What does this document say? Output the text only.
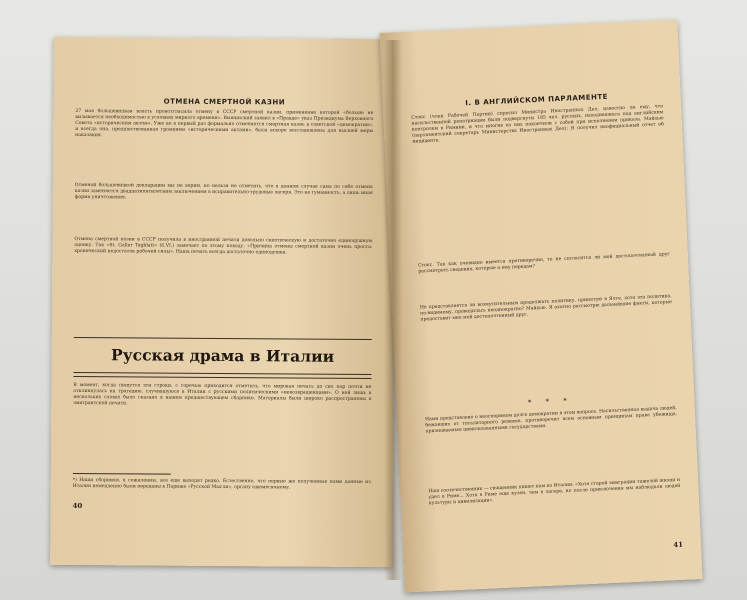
ОТМЕНА СМЕРТНОЙ КАЗНИ
27 мая большевицкая власть провозгласила отмену в СССР смертной казни, применение которой «больше не вызывается необходимостью в условиях мирного времени». Вышинский заявил в «Правде» указ Президиума Верховного Совета «историческим актом». Уже не в первый раз формально отменяется смертная казнь в советской «демократии», и всегда она, предшествованная громкими «историческими актами», была вскоре восстановлена для высшей меры наказания.
Отменой большевицкой декларации мы не верим, но нельзя не отметить, что в данном случае сама по себе отмена казни заменяется двадцатипятилетним заключением в исправительно-трудовые лагеря. Это не гуманность, а лишь иная форма уничтожения.
Отмена смертной казни в СССР получила в иностранной печати довольно скептическую и достаточно единодушную оценку. Так «St. Galler Tagblatt» (6.VI.) замечает по этому поводу: «Причина отмены смертной казни очень проста: хронический недостаток рабочей силы». Наша печать всегда достаточно единодушна.
Русская драма в Италии
В момент, когда пишутся эти строки, с горечью приходится отметить, что мировая печать до сих пор почти не откликнулась на трагедию, случившуюся в Италии с русскими политическими «невозвращенцами». О ней лишь в нескольких словах было сказано в нашем предшествующем сборнике. Материалы были широко распространены в эмигрантской печати.
*) Наши сборники, к сожалению, все еще выходят редко. Естественно, что первые же полученные нами данные из Италии немедленно были переданы в Париже «Русской Мысли», органу ежемесячному.
40
I. В АНГЛИЙСКОМ ПАРЛАМЕНТЕ
Стокс (член Рабочей Партии) спросил Министра Иностранных Дел, известно ли ему, что насильственной репатриации были подвергнуты 185 чел. русских, находившихся под английским контролем в Римини, и что многие из них покончили с собой при исполнении приказа. Майхью (парламентский секретарь Министерства Иностранных Дел): Я получил неофициальный отчет об инциденте.
Стокс. Так как очевидно имеется противоречие, то не согласится ли мой достопочтенный друг рассмотреть сведения, которые я ему передам?
Не представляется ли возмутительным продолжать политику, принятую в Ялте, хотя эта политика, по-видимому, проводилась неоднократно? Майхью. Я охотно рассмотрю дальнейшие факты, которые предоставит мне мой достопочтенный друг.
* * *
Нами представлено о неоспоримом долге демократии в этом вопросе. Насильственная выдача людей, бежавших от тоталитарного режима, противоречит всем основным принципам права убежища, признаваемым цивилизованными государствами.
Наш соотечественник — священник пишет нам из Италии: «Хотя старой эмиграции тяжелой жизни и удел в Риме... Хотя в Риме еще кузен, чем в лагере, но после приключения мы наблюдали людей культуры и цивилизации».
41
